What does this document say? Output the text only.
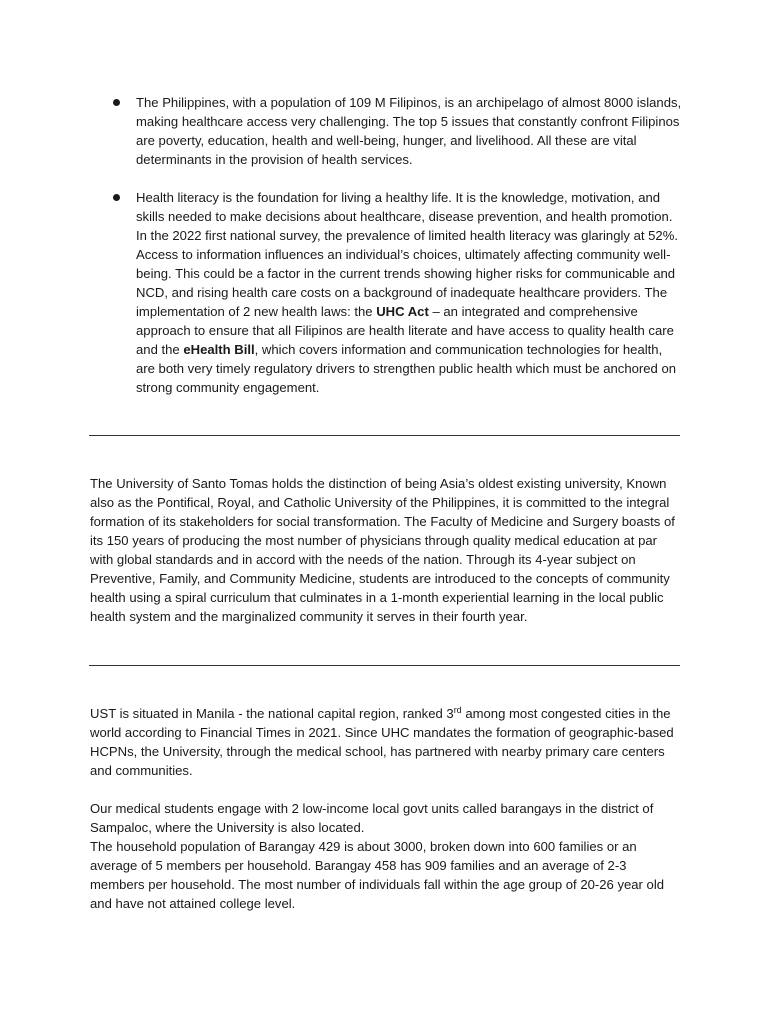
The Philippines, with a population of 109 M Filipinos, is an archipelago of almost 8000 islands, making healthcare access very challenging. The top 5 issues that constantly confront Filipinos are poverty, education, health and well-being, hunger, and livelihood. All these are vital determinants in the provision of health services.
Health literacy is the foundation for living a healthy life. It is the knowledge, motivation, and skills needed to make decisions about healthcare, disease prevention, and health promotion. In the 2022 first national survey, the prevalence of limited health literacy was glaringly at 52%. Access to information influences an individual’s choices, ultimately affecting community well-being. This could be a factor in the current trends showing higher risks for communicable and NCD, and rising health care costs on a background of inadequate healthcare providers. The implementation of 2 new health laws: the UHC Act – an integrated and comprehensive approach to ensure that all Filipinos are health literate and have access to quality health care and the eHealth Bill, which covers information and communication technologies for health, are both very timely regulatory drivers to strengthen public health which must be anchored on strong community engagement.

The University of Santo Tomas holds the distinction of being Asia’s oldest existing university, Known also as the Pontifical, Royal, and Catholic University of the Philippines, it is committed to the integral formation of its stakeholders for social transformation. The Faculty of Medicine and Surgery boasts of its 150 years of producing the most number of physicians through quality medical education at par with global standards and in accord with the needs of the nation. Through its 4-year subject on Preventive, Family, and Community Medicine, students are introduced to the concepts of community health using a spiral curriculum that culminates in a 1-month experiential learning in the local public health system and the marginalized community it serves in their fourth year.

UST is situated in Manila - the national capital region, ranked 3rd among most congested cities in the world according to Financial Times in 2021. Since UHC mandates the formation of geographic-based HCPNs, the University, through the medical school, has partnered with nearby primary care centers and communities.

Our medical students engage with 2 low-income local govt units called barangays in the district of Sampaloc, where the University is also located.
The household population of Barangay 429 is about 3000, broken down into 600 families or an average of 5 members per household. Barangay 458 has 909 families and an average of 2-3 members per household. The most number of individuals fall within the age group of 20-26 year old and have not attained college level.
